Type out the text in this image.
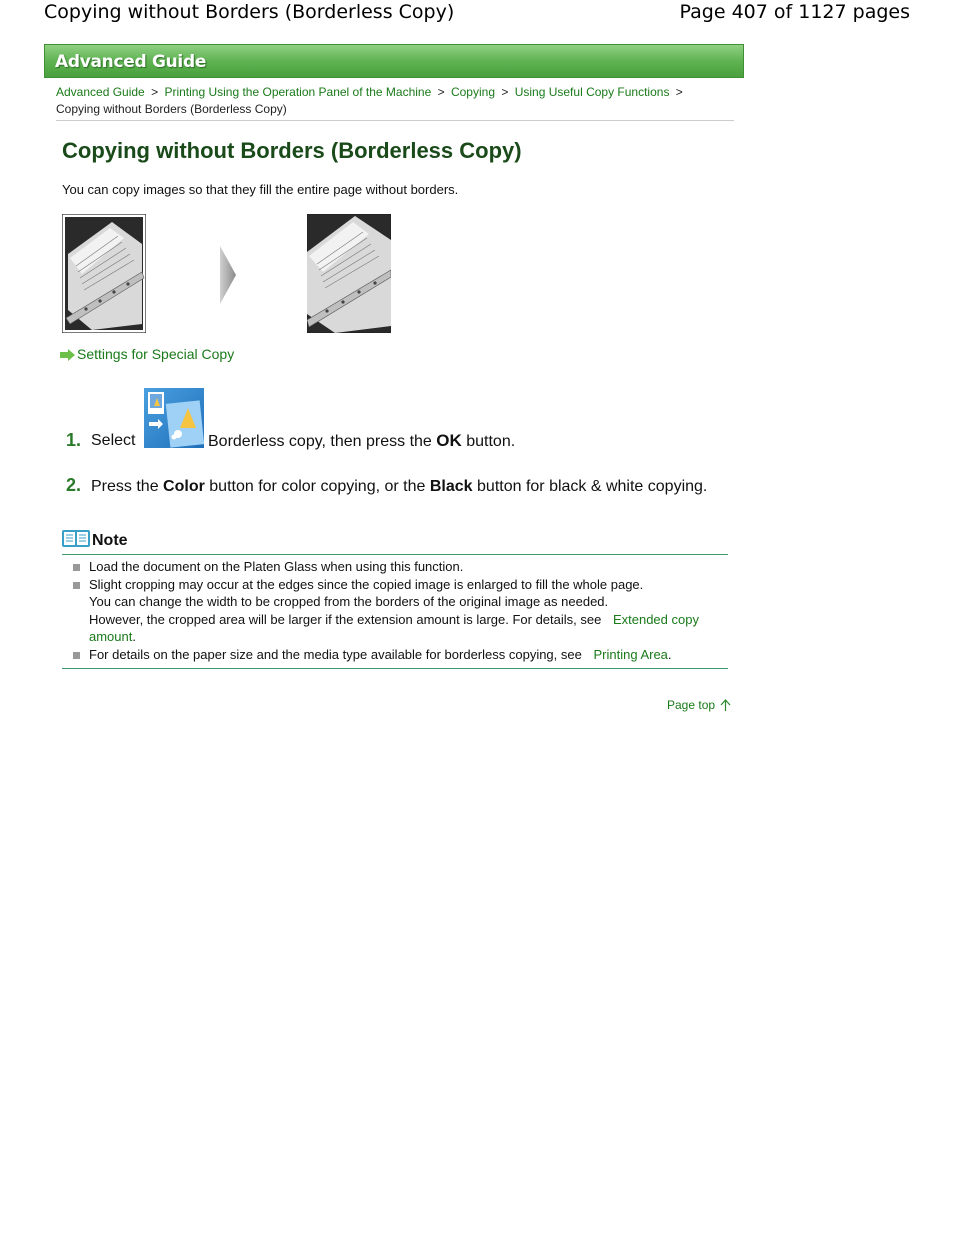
Copying without Borders (Borderless Copy)	Page 407 of 1127 pages
Advanced Guide
Advanced Guide > Printing Using the Operation Panel of the Machine > Copying > Using Useful Copy Functions >
Copying without Borders (Borderless Copy)
Copying without Borders (Borderless Copy)
You can copy images so that they fill the entire page without borders.
Settings for Special Copy
1. Select	Borderless copy, then press the OK button.
2. Press the Color button for color copying, or the Black button for black & white copying.
Note
Load the document on the Platen Glass when using this function.
Slight cropping may occur at the edges since the copied image is enlarged to fill the whole page.
You can change the width to be cropped from the borders of the original image as needed.
However, the cropped area will be larger if the extension amount is large. For details, see Extended copy amount.
For details on the paper size and the media type available for borderless copying, see Printing Area.
Page top
